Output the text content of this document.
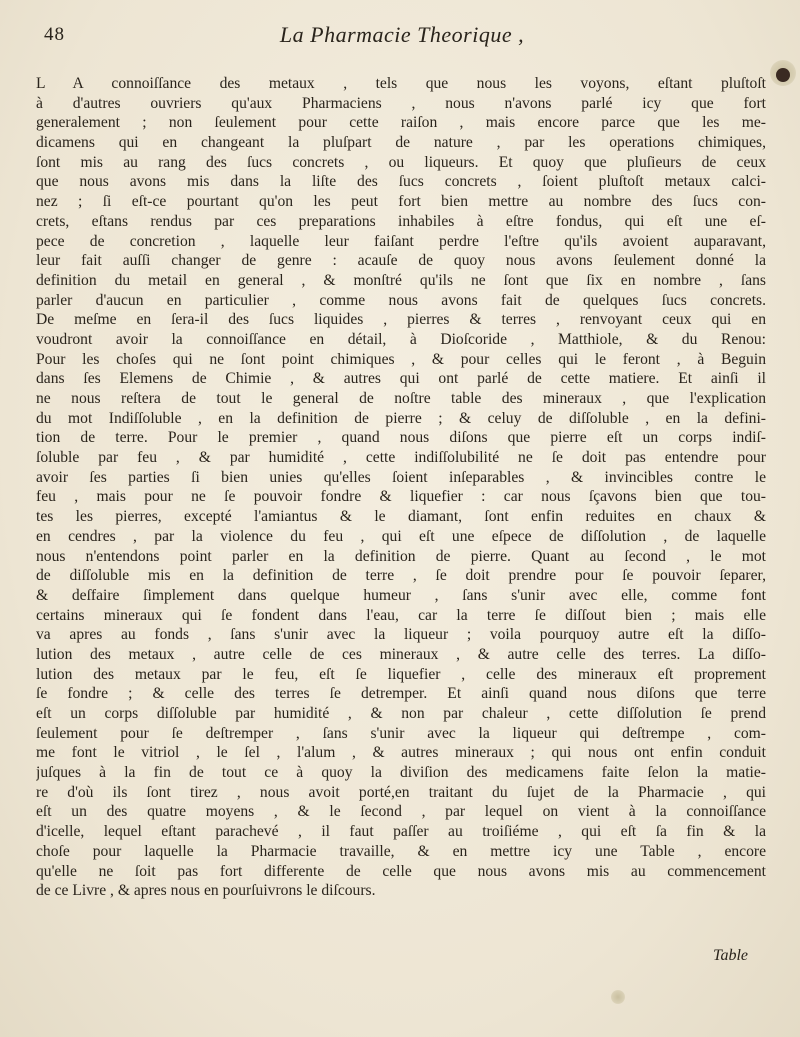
48	La Pharmacie Theorique ,
L A connoiſſance des metaux , tels que nous les voyons, eſtant pluſtoſt
à d'autres ouvriers qu'aux Pharmaciens , nous n'avons parlé icy que fort
generalement ; non ſeulement pour cette raiſon , mais encore parce que les me-
dicamens qui en changeant la pluſpart de nature , par les operations chimiques,
ſont mis au rang des ſucs concrets , ou liqueurs. Et quoy que pluſieurs de ceux
que nous avons mis dans la liſte des ſucs concrets , ſoient pluſtoſt metaux calci-
nez ; ſi eſt-ce pourtant qu'on les peut fort bien mettre au nombre des ſucs con-
crets, eſtans rendus par ces preparations inhabiles à eſtre fondus, qui eſt une eſ-
pece de concretion , laquelle leur faiſant perdre l'eſtre qu'ils avoient auparavant,
leur fait auſſi changer de genre : acauſe de quoy nous avons ſeulement donné la
definition du metail en general , & monſtré qu'ils ne ſont que ſix en nombre , ſans
parler d'aucun en particulier , comme nous avons fait de quelques ſucs concrets.
De meſme en ſera-il des ſucs liquides , pierres & terres , renvoyant ceux qui en
voudront avoir la connoiſſance en détail, à Dioſcoride , Matthiole, & du Renou:
Pour les choſes qui ne ſont point chimiques , & pour celles qui le feront , à Beguin
dans ſes Elemens de Chimie , & autres qui ont parlé de cette matiere. Et ainſi il
ne nous reſtera de tout le general de noſtre table des mineraux , que l'explication
du mot Indiſſoluble , en la definition de pierre ; & celuy de diſſoluble , en la defini-
tion de terre. Pour le premier , quand nous diſons que pierre eſt un corps indiſ-
ſoluble par feu , & par humidité , cette indiſſolubilité ne ſe doit pas entendre pour
avoir ſes parties ſi bien unies qu'elles ſoient inſeparables , & invincibles contre le
feu , mais pour ne ſe pouvoir fondre & liquefier : car nous ſçavons bien que tou-
tes les pierres, excepté l'amiantus & le diamant, ſont enfin reduites en chaux &
en cendres , par la violence du feu , qui eſt une eſpece de diſſolution , de laquelle
nous n'entendons point parler en la definition de pierre. Quant au ſecond , le mot
de diſſoluble mis en la definition de terre , ſe doit prendre pour ſe pouvoir ſeparer,
& deſfaire ſimplement dans quelque humeur , ſans s'unir avec elle, comme font
certains mineraux qui ſe fondent dans l'eau, car la terre ſe diſſout bien ; mais elle
va apres au fonds , ſans s'unir avec la liqueur ; voila pourquoy autre eſt la diſſo-
lution des metaux , autre celle de ces mineraux , & autre celle des terres. La diſſo-
lution des metaux par le feu, eſt ſe liquefier , celle des mineraux eſt proprement
ſe fondre ; & celle des terres ſe detremper. Et ainſi quand nous diſons que terre
eſt un corps diſſoluble par humidité , & non par chaleur , cette diſſolution ſe prend
ſeulement pour ſe deſtremper , ſans s'unir avec la liqueur qui deſtrempe , com-
me font le vitriol , le ſel , l'alum , & autres mineraux ; qui nous ont enfin conduit
juſques à la fin de tout ce à quoy la diviſion des medicamens faite ſelon la matie-
re d'où ils ſont tirez , nous avoit porté,en traitant du ſujet de la Pharmacie , qui
eſt un des quatre moyens , & le ſecond , par lequel on vient à la connoiſſance
d'icelle, lequel eſtant parachevé , il faut paſſer au troiſiéme , qui eſt ſa fin & la
choſe pour laquelle la Pharmacie travaille, & en mettre icy une Table , encore
qu'elle ne ſoit pas fort differente de celle que nous avons mis au commencement
de ce Livre , & apres nous en pourſuivrons le diſcours.
Table
